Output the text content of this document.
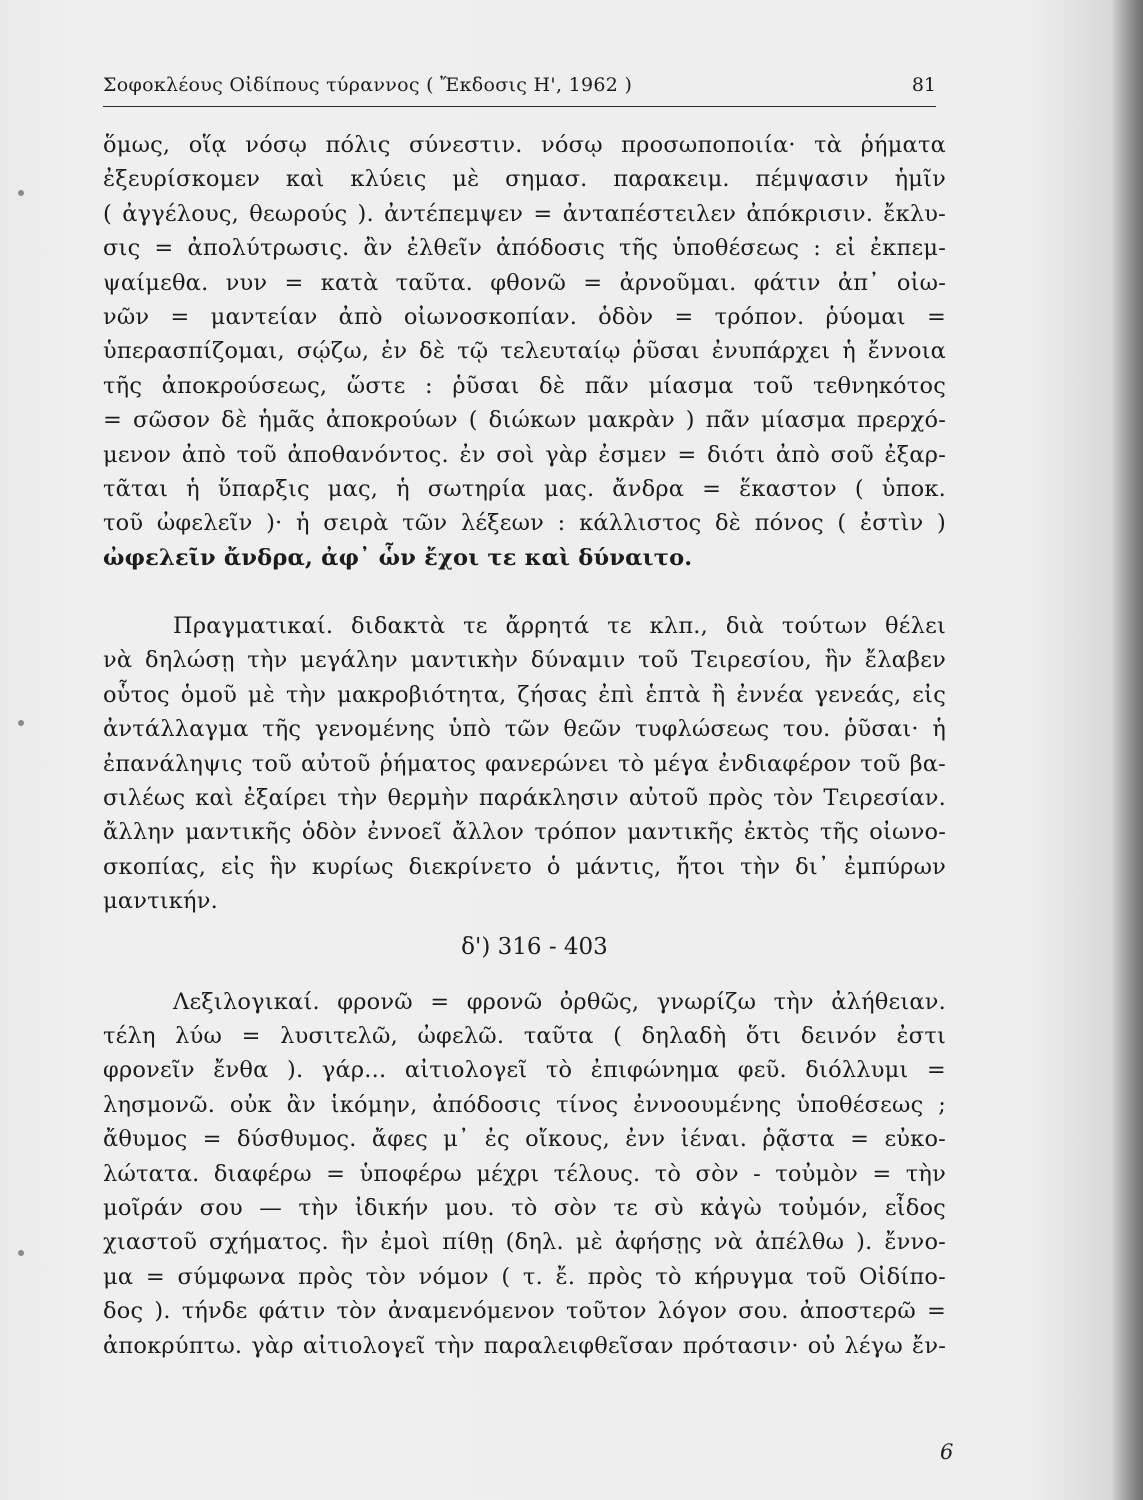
Σοφοκλέους Οἰδίπους τύραννος ( Ἔκδοσις Η', 1962 )	81
ὅμως, οἵᾳ νόσῳ πόλις σύνεστιν. νόσῳ προσωποποιία· τὰ ῥήματα
ἐξευρίσκομεν καὶ κλύεις μὲ σημασ. παρακειμ. πέμψασιν ἡμῖν
( ἀγγέλους, θεωρούς ). ἀντέπεμψεν = ἀνταπέστειλεν ἀπόκρισιν. ἔκλυ-
σις = ἀπολύτρωσις. ἂν ἐλθεῖν ἀπόδοσις τῆς ὑποθέσεως : εἰ ἐκπεμ-
ψαίμεθα. νυν = κατὰ ταῦτα. φθονῶ = ἀρνοῦμαι. φάτιν ἀπ᾽ οἰω-
νῶν = μαντείαν ἀπὸ οἰωνοσκοπίαν. ὁδὸν = τρόπον. ῥύομαι =
ὑπερασπίζομαι, σῴζω, ἐν δὲ τῷ τελευταίῳ ῥῦσαι ἐνυπάρχει ἡ ἔννοια
τῆς ἀποκρούσεως, ὥστε : ῥῦσαι δὲ πᾶν μίασμα τοῦ τεθνηκότος
= σῶσον δὲ ἡμᾶς ἀποκρούων ( διώκων μακρὰν ) πᾶν μίασμα πρερχό-
μενον ἀπὸ τοῦ ἀποθανόντος. ἐν σοὶ γὰρ ἐσμεν = διότι ἀπὸ σοῦ ἐξαρ-
τᾶται ἡ ὕπαρξις μας, ἡ σωτηρία μας. ἄνδρα = ἕκαστον ( ὑποκ.
τοῦ ὠφελεῖν )· ἡ σειρὰ τῶν λέξεων : κάλλιστος δὲ πόνος ( ἐστὶν )
ὠφελεῖν ἄνδρα, ἀφ᾽ ὧν ἔχοι τε καὶ δύναιτο.
Πραγματικαί. διδακτὰ τε ἄρρητά τε κλπ., διὰ τούτων θέλει
νὰ δηλώσῃ τὴν μεγάλην μαντικὴν δύναμιν τοῦ Τειρεσίου, ἣν ἔλαβεν
οὗτος ὁμοῦ μὲ τὴν μακροβιότητα, ζήσας ἐπὶ ἑπτὰ ἢ ἐννέα γενεάς, εἰς
ἀντάλλαγμα τῆς γενομένης ὑπὸ τῶν θεῶν τυφλώσεως του. ῥῦσαι· ἡ
ἐπανάληψις τοῦ αὐτοῦ ῥήματος φανερώνει τὸ μέγα ἐνδιαφέρον τοῦ βα-
σιλέως καὶ ἐξαίρει τὴν θερμὴν παράκλησιν αὐτοῦ πρὸς τὸν Τειρεσίαν.
ἄλλην μαντικῆς ὁδὸν ἐννοεῖ ἄλλον τρόπον μαντικῆς ἐκτὸς τῆς οἰωνο-
σκοπίας, εἰς ἣν κυρίως διεκρίνετο ὁ μάντις, ἤτοι τὴν δι᾽ ἐμπύρων
μαντικήν.
δ') 316 - 403
Λεξιλογικαί. φρονῶ = φρονῶ ὀρθῶς, γνωρίζω τὴν ἀλήθειαν.
τέλη λύω = λυσιτελῶ, ὠφελῶ. ταῦτα ( δηλαδὴ ὅτι δεινόν ἐστι
φρονεῖν ἔνθα ). γάρ... αἰτιολογεῖ τὸ ἐπιφώνημα φεῦ. διόλλυμι =
λησμονῶ. οὐκ ἂν ἱκόμην, ἀπόδοσις τίνος ἐννοουμένης ὑποθέσεως ;
ἄθυμος = δύσθυμος. ἄφες μ᾽ ἐς οἴκους, ἐνν ἰέναι. ῥᾷστα = εὐκο-
λώτατα. διαφέρω = ὑποφέρω μέχρι τέλους. τὸ σὸν - τοὐμὸν = τὴν
μοῖράν σου — τὴν ἰδικήν μου. τὸ σὸν τε σὺ κἀγὼ τοὐμόν, εἶδος
χιαστοῦ σχήματος. ἣν ἐμοὶ πίθῃ (δηλ. μὲ ἀφήσῃς νὰ ἀπέλθω ). ἔννο-
μα = σύμφωνα πρὸς τὸν νόμον ( τ. ἔ. πρὸς τὸ κήρυγμα τοῦ Οἰδίπο-
δος ). τήνδε φάτιν τὸν ἀναμενόμενον τοῦτον λόγον σου. ἀποστερῶ =
ἀποκρύπτω. γὰρ αἰτιολογεῖ τὴν παραλειφθεῖσαν πρότασιν· οὐ λέγω ἔν-
6
